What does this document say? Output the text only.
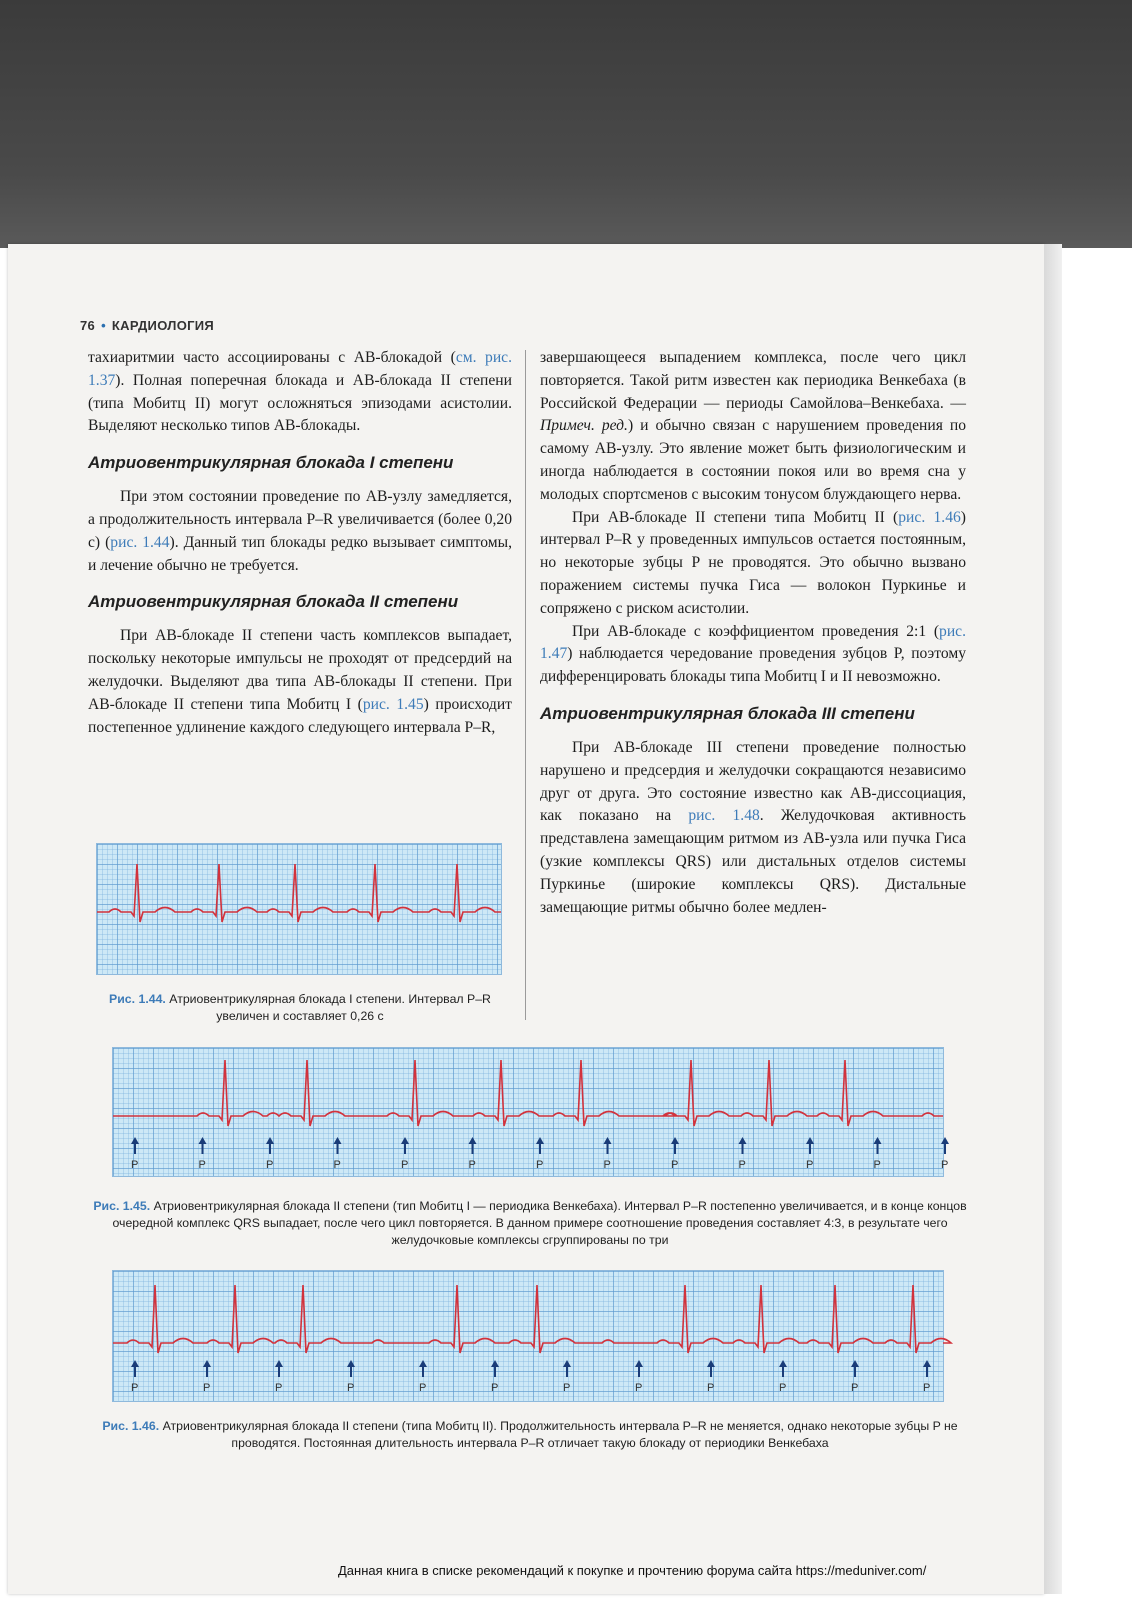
76 • КАРДИОЛОГИЯ

тахиаритмии часто ассоциированы с АВ-блокадой (см. рис. 1.37). Полная поперечная блокада и АВ-блокада II степени (типа Мобитц II) могут осложняться эпизодами асистолии. Выделяют несколько типов АВ-блокады.

Атриовентрикулярная блокада I степени

При этом состоянии проведение по АВ-узлу замедляется, а продолжительность интервала P–R увеличивается (более 0,20 с) (рис. 1.44). Данный тип блокады редко вызывает симптомы, и лечение обычно не требуется.

Атриовентрикулярная блокада II степени

При АВ-блокаде II степени часть комплексов выпадает, поскольку некоторые импульсы не проходят от предсердий на желудочки. Выделяют два типа АВ-блокады II степени. При АВ-блокаде II степени типа Мобитц I (рис. 1.45) происходит постепенное удлинение каждого следующего интервала P–R,

завершающееся выпадением комплекса, после чего цикл повторяется. Такой ритм известен как периодика Венкебаха (в Российской Федерации — периоды Самойлова–Венкебаха. — Примеч. ред.) и обычно связан с нарушением проведения по самому АВ-узлу. Это явление может быть физиологическим и иногда наблюдается в состоянии покоя или во время сна у молодых спортсменов с высоким тонусом блуждающего нерва.

При АВ-блокаде II степени типа Мобитц II (рис. 1.46) интервал P–R у проведенных импульсов остается постоянным, но некоторые зубцы P не проводятся. Это обычно вызвано поражением системы пучка Гиса — волокон Пуркинье и сопряжено с риском асистолии.

При АВ-блокаде с коэффициентом проведения 2:1 (рис. 1.47) наблюдается чередование проведения зубцов P, поэтому дифференцировать блокады типа Мобитц I и II невозможно.

Атриовентрикулярная блокада III степени

При АВ-блокаде III степени проведение полностью нарушено и предсердия и желудочки сокращаются независимо друг от друга. Это состояние известно как АВ-диссоциация, как показано на рис. 1.48. Желудочковая активность представлена замещающим ритмом из АВ-узла или пучка Гиса (узкие комплексы QRS) или дистальных отделов системы Пуркинье (широкие комплексы QRS). Дистальные замещающие ритмы обычно более медлен-

Рис. 1.44. Атриовентрикулярная блокада I степени. Интервал P–R увеличен и составляет 0,26 с
P	P	P	P	P	P	P	P	P	P	P	P	P
Рис. 1.45. Атриовентрикулярная блокада II степени (тип Мобитц I — периодика Венкебаха). Интервал P–R постепенно увеличивается, и в конце концов очередной комплекс QRS выпадает, после чего цикл повторяется. В данном примере соотношение проведения составляет 4:3, в результате чего желудочковые комплексы сгруппированы по три
P	P	P	P	P	P	P	P	P	P	P	P
Рис. 1.46. Атриовентрикулярная блокада II степени (типа Мобитц II). Продолжительность интервала P–R не меняется, однако некоторые зубцы P не проводятся. Постоянная длительность интервала P–R отличает такую блокаду от периодики Венкебаха
Данная книга в списке рекомендаций к покупке и прочтению форума сайта https://meduniver.com/
